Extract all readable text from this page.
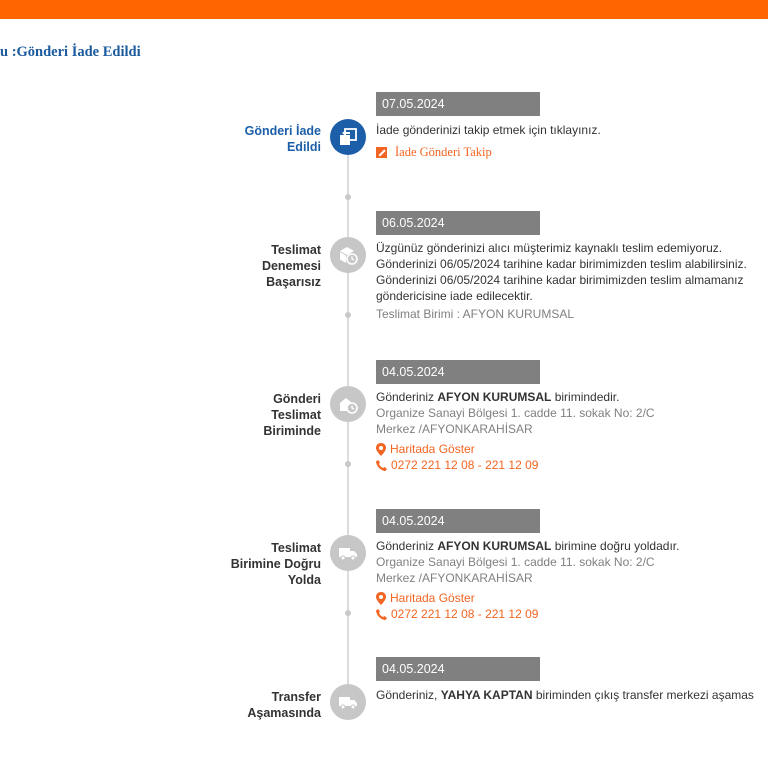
u :Gönderi İade Edildi
07.05.2024
Gönderi İade
Edildi
İade gönderinizi takip etmek için tıklayınız.
İade Gönderi Takip
06.05.2024
Teslimat
Denemesi
Başarısız
Üzgünüz gönderinizi alıcı müşterimiz kaynaklı teslim edemiyoruz.
Gönderinizi 06/05/2024 tarihine kadar birimimizden teslim alabilirsiniz.
Gönderinizi 06/05/2024 tarihine kadar birimimizden teslim almamanız
göndericisine iade edilecektir.
Teslimat Birimi : AFYON KURUMSAL
04.05.2024
Gönderi
Teslimat
Biriminde
Gönderiniz AFYON KURUMSAL birimindedir.
Organize Sanayi Bölgesi 1. cadde 11. sokak No: 2/C
Merkez /AFYONKARAHİSAR
Haritada Göster
0272 221 12 08 - 221 12 09
04.05.2024
Teslimat
Birimine Doğru
Yolda
Gönderiniz AFYON KURUMSAL birimine doğru yoldadır.
Organize Sanayi Bölgesi 1. cadde 11. sokak No: 2/C
Merkez /AFYONKARAHİSAR
Haritada Göster
0272 221 12 08 - 221 12 09
04.05.2024
Transfer
Aşamasında
Gönderiniz, YAHYA KAPTAN biriminden çıkış transfer merkezi aşamas
